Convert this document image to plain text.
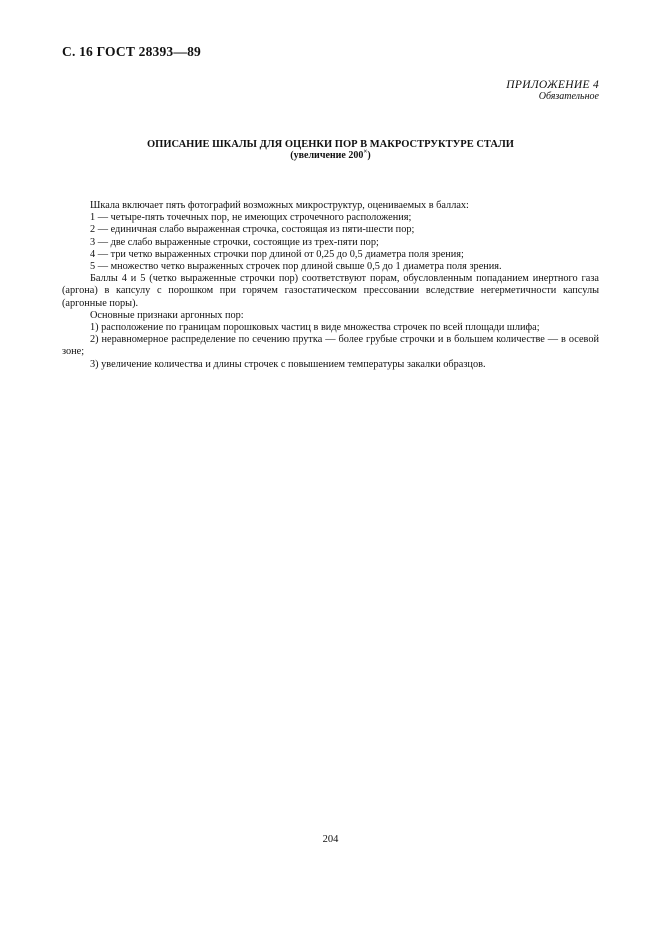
С. 16 ГОСТ 28393—89
ПРИЛОЖЕНИЕ 4
Обязательное
ОПИСАНИЕ ШКАЛЫ ДЛЯ ОЦЕНКИ ПОР В МАКРОСТРУКТУРЕ СТАЛИ
(увеличение 200×)

Шкала включает пять фотографий возможных микроструктур, оцениваемых в баллах:

1 — четыре-пять точечных пор, не имеющих строчечного расположения;

2 — единичная слабо выраженная строчка, состоящая из пяти-шести пор;

3 — две слабо выраженные строчки, состоящие из трех-пяти пор;

4 — три четко выраженных строчки пор длиной от 0,25 до 0,5 диаметра поля зрения;

5 — множество четко выраженных строчек пор длиной свыше 0,5 до 1 диаметра поля зрения.

Баллы 4 и 5 (четко выраженные строчки пор) соответствуют порам, обусловленным попаданием инертного газа (аргона) в капсулу с порошком при горячем газостатическом прессовании вследствие негерметичности капсулы (аргонные поры).

Основные признаки аргонных пор:

1) расположение по границам порошковых частиц в виде множества строчек по всей площади шлифа;

2) неравномерное распределение по сечению прутка — более грубые строчки и в большем количестве — в осевой зоне;

3) увеличение количества и длины строчек с повышением температуры закалки образцов.

204
